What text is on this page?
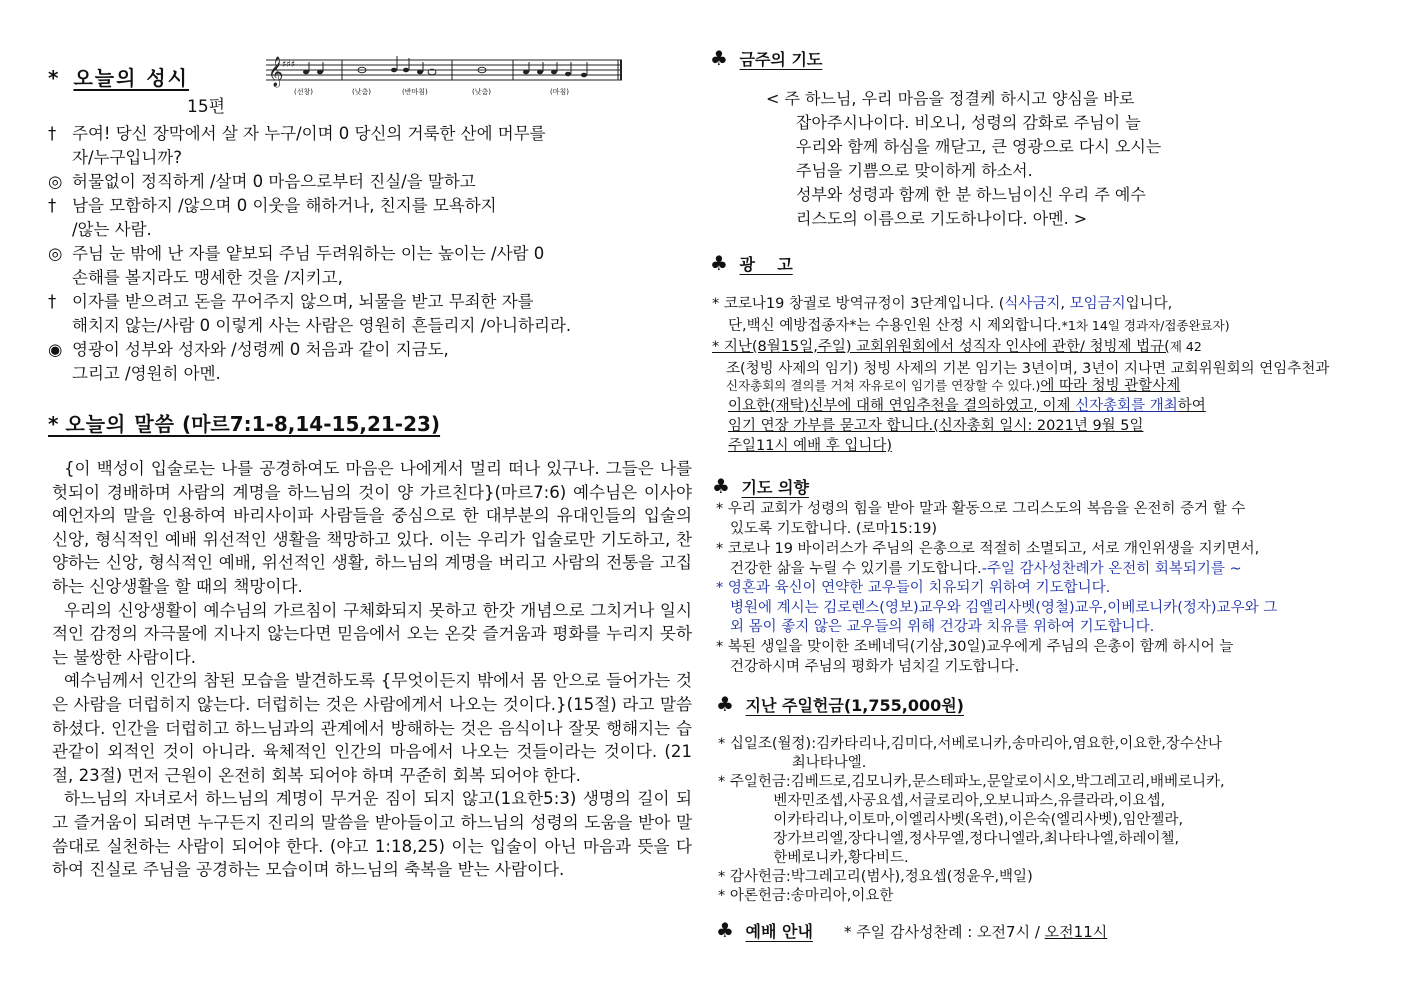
* 오늘의 성시
15편
𝄞
♯♯♯
(선창)	(낮춤)	(반마침)	(낮춤)	(마침)
† 주여! 당신 장막에서 살 자 누구/이며 0 당신의 거룩한 산에 머무를
자/누구입니까?
◎ 허물없이 정직하게 /살며 0 마음으로부터 진실/을 말하고
† 남을 모함하지 /않으며 0 이웃을 해하거나, 친지를 모욕하지
/않는 사람.
◎ 주님 눈 밖에 난 자를 얕보되 주님 두려워하는 이는 높이는 /사람 0
손해를 볼지라도 맹세한 것을 /지키고,
† 이자를 받으려고 돈을 꾸어주지 않으며, 뇌물을 받고 무죄한 자를
해치지 않는/사람 0 이렇게 사는 사람은 영원히 흔들리지 /아니하리라.
◉ 영광이 성부와 성자와 /성령께 0 처음과 같이 지금도,
그리고 /영원히 아멘.
* 오늘의 말씀 (마르7:1-8,14-15,21-23)

{이 백성이 입술로는 나를 공경하여도 마음은 나에게서 멀리 떠나 있구나. 그들은 나를 헛되이 경배하며 사람의 계명을 하느님의 것이 양 가르친다}(마르7:6) 예수님은 이사야 예언자의 말을 인용하여 바리사이파 사람들을 중심으로 한 대부분의 유대인들의 입술의 신앙, 형식적인 예배 위선적인 생활을 책망하고 있다. 이는 우리가 입술로만 기도하고, 찬양하는 신앙, 형식적인 예배, 위선적인 생활, 하느님의 계명을 버리고 사람의 전통을 고집하는 신앙생활을 할 때의 책망이다.

우리의 신앙생활이 예수님의 가르침이 구체화되지 못하고 한갓 개념으로 그치거나 일시적인 감정의 자극물에 지나지 않는다면 믿음에서 오는 온갖 즐거움과 평화를 누리지 못하는 불쌍한 사람이다.

예수님께서 인간의 참된 모습을 발견하도록 {무엇이든지 밖에서 몸 안으로 들어가는 것은 사람을 더럽히지 않는다. 더럽히는 것은 사람에게서 나오는 것이다.}(15절) 라고 말씀하셨다. 인간을 더럽히고 하느님과의 관계에서 방해하는 것은 음식이나 잘못 행해지는 습관같이 외적인 것이 아니라. 육체적인 인간의 마음에서 나오는 것들이라는 것이다. (21절, 23절) 먼저 근원이 온전히 회복 되어야 하며 꾸준히 회복 되어야 한다.

하느님의 자녀로서 하느님의 계명이 무거운 짐이 되지 않고(1요한5:3) 생명의 길이 되고 즐거움이 되려면 누구든지 진리의 말씀을 받아들이고 하느님의 성령의 도움을 받아 말씀대로 실천하는 사람이 되어야 한다. (야고 1:18,25) 이는 입술이 아닌 마음과 뜻을 다하여 진실로 주님을 공경하는 모습이며 하느님의 축복을 받는 사람이다.

♣ 금주의 기도
< 주 하느님, 우리 마음을 정결케 하시고 양심을 바로
잡아주시나이다. 비오니, 성령의 감화로 주님이 늘
우리와 함께 하심을 깨닫고, 큰 영광으로 다시 오시는
주님을 기쁨으로 맞이하게 하소서.
성부와 성령과 함께 한 분 하느님이신 우리 주 예수
리스도의 이름으로 기도하나이다. 아멘. >
♣ 광    고
* 코로나19 창궐로 방역규정이 3단계입니다. (식사금지, 모임금지입니다,
단,백신 예방접종자*는 수용인원 산정 시 제외합니다.*1차 14일 경과자/접종완료자)
* 지난(8월15일,주일) 교회위원회에서 성직자 인사에 관한/ 청빙제 법규(제 42
조(청빙 사제의 임기) 청빙 사제의 기본 임기는 3년이며, 3년이 지나면 교회위원회의 연임추천과
신자총회의 결의를 거쳐 자유로이 임기를 연장할 수 있다.)에 따라 청빙 관할사제
이요한(재탁)신부에 대해 연임추천을 결의하였고, 이제 신자총회를 개최하여
임기 연장 가부를 묻고자 합니다.(신자총회 일시: 2021년 9월 5일
주일11시 예배 후 입니다)
♣ 기도 의향
* 우리 교회가 성령의 힘을 받아 말과 활동으로 그리스도의 복음을 온전히 증거 할 수
있도록 기도합니다. (로마15:19)
* 코로나 19 바이러스가 주님의 은총으로 적절히 소멸되고, 서로 개인위생을 지키면서,
건강한 삶을 누릴 수 있기를 기도합니다.-주일 감사성찬례가 온전히 회복되기를 ~
* 영혼과 육신이 연약한 교우들이 치유되기 위하여 기도합니다.
병원에 계시는 김로렌스(영보)교우와 김엘리사벳(영철)교우,이베로니카(정자)교우와 그
외 몸이 좋지 않은 교우들의 위해 건강과 치유를 위하여 기도합니다.
* 복된 생일을 맞이한 조베네딕(기삼,30일)교우에게 주님의 은총이 함께 하시어 늘
건강하시며 주님의 평화가 넘치길 기도합니다.
♣ 지난 주일헌금(1,755,000원)
* 십일조(월정):김카타리나,김미다,서베로니카,송마리아,염요한,이요한,장수산나
최나타나엘.
* 주일헌금:김베드로,김모니카,문스테파노,문알로이시오,박그레고리,배베로니카,
벤자민조셉,사공요셉,서글로리아,오보니파스,유클라라,이요셉,
이카타리나,이토마,이엘리사벳(옥련),이은숙(엘리사벳),임안젤라,
장가브리엘,장다니엘,정사무엘,정다니엘라,최나타나엘,하레이첼,
한베로니카,황다비드.
* 감사헌금:박그레고리(범사),정요셉(정윤우,백일)
* 아론헌금:송마리아,이요한
♣ 예배 안내 * 주일 감사성찬례 : 오전7시 / 오전11시
